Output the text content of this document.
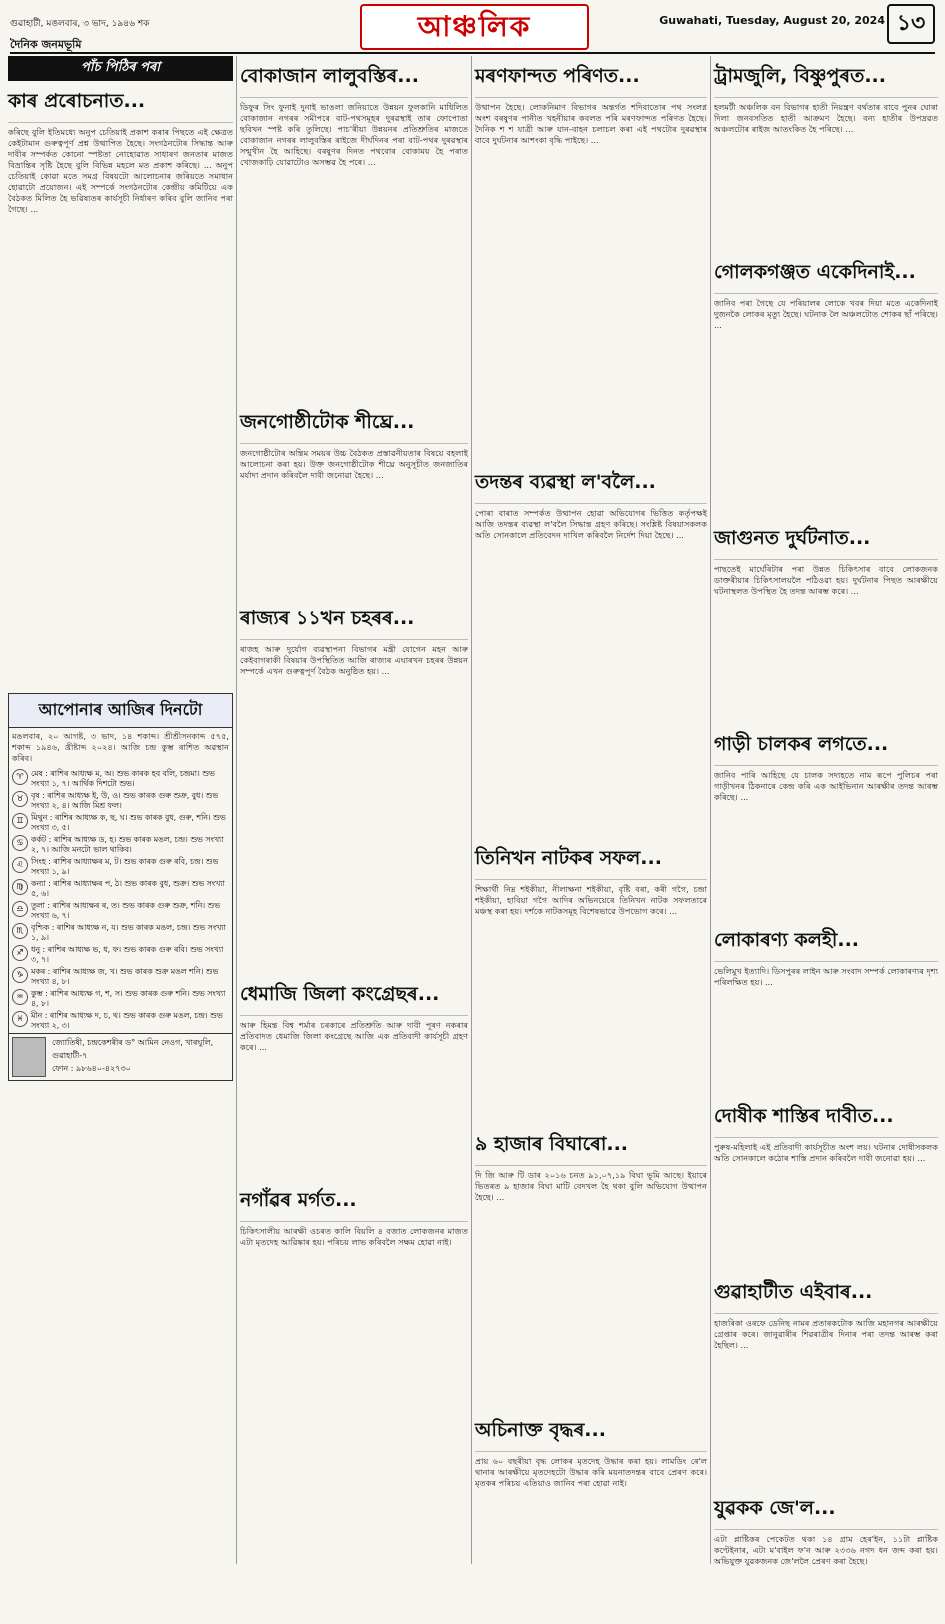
গুৱাহাটী, মঙলবাৰ, ৩ ভাদ, ১৯৪৬ শক
দৈনিক জনমভূমি
আঞ্চলিক	Guwahati, Tuesday, August 20, 2024 ১৩
পাঁচ পিঠিৰ পৰা
কাৰ প্ৰৰোচনাত...

কৰিছে বুলি ইতিমধ্যে অনুপ চেতিয়াই প্ৰকাশ কৰাৰ পিছতে এই ক্ষেত্ৰত কেইটামান গুৰুত্বপূৰ্ণ প্ৰশ্ন উত্থাপিত হৈছে। সংগঠনটোৰ সিদ্ধান্ত আৰু দাবীৰ সম্পৰ্কত কোনো স্পষ্টতা নোহোৱাত সাধাৰণ জনতাৰ মাজত বিভ্ৰান্তিৰ সৃষ্টি হৈছে বুলি বিভিন্ন মহলে মত প্ৰকাশ কৰিছে। ... অনুপ চেতিয়াই কোৱা মতে সমগ্ৰ বিষয়টো আলোচনাৰ জৰিয়তে সমাধান হোৱাটো প্ৰয়োজন। এই সম্পৰ্কে সংগঠনটোৰ কেন্দ্ৰীয় কমিটিয়ে এক বৈঠকত মিলিত হৈ ভৱিষ্যতৰ কাৰ্যসূচী নিৰ্ধাৰণ কৰিব বুলি জানিব পৰা গৈছে। ...

আপোনাৰ আজিৰ দিনটো

মঙলবাৰ, ২০ আগষ্ট, ৩ ভাদ, ১৪ শকাব্দ। শ্ৰীশ্ৰীসনকাব্দ ৫৭৫, শকাব্দ ১৯৪৬, খ্ৰীষ্টাব্দ ২০২৪। আজি চন্দ্ৰ কুম্ভ ৰাশিত অৱস্থান কৰিব।

♈ মেষ : ৰাশিৰ আধ্যক্ষ ম, অ। শুভ কাৰক হব বলি, চন্দ্ৰমা। শুভ সংখ্যা ১, ৭। আৰ্থিক দিশটো শুভ।
♉ বৃষ : ৰাশিৰ আধ্যক্ষ ই, উ, ও। শুভ কাৰক গুৰু শুক্ৰ, বুধ। শুভ সংখ্যা ২, ৪। আজি মিশ্ৰ ফল।
♊ মিথুন : ৰাশিৰ আধ্যক্ষ ক, ছ, ঘ। শুভ কাৰক বুধ, গুৰু, শনি। শুভ সংখ্যা ৩, ৫।
♋ কৰ্কট : ৰাশিৰ আধ্যক্ষ ড, হ। শুভ কাৰক মঙল, চন্দ্ৰ। শুভ সংখ্যা ২, ৭। আজি মনটো ভাল থাকিব।
♌ সিংহ : ৰাশিৰ আধ্যাক্ষৰ ম, ট। শুভ কাৰক গুৰু ৰবি, চন্দ্ৰ। শুভ সংখ্যা ১, ৯।
♍ কন্যা : ৰাশিৰ আধ্যাক্ষৰ প, ঠ। শুভ কাৰক বুধ, শুক্ৰ। শুভ সংখ্যা ৫, ৬।
♎ তুলা : ৰাশিৰ আধ্যক্ষৰ ৰ, ত। শুভ কাৰক গুৰু শুক্ৰ, শনি। শুভ সংখ্যা ৬, ৭।
♏ বৃশ্চিক : ৰাশিৰ আধ্যক্ষ ন, য। শুভ কাৰক মঙল, চন্দ্ৰ। শুভ সংখ্যা ১, ৯।
♐ ধনু : ৰাশিৰ আধ্যক্ষ ভ, ধ, ফ। শুভ কাৰক গুৰু ৰবি। শুভ সংখ্যা ৩, ৭।
♑ মকৰ : ৰাশিৰ আধ্যক্ষ জ, খ। শুভ কাৰক শুক্ৰ মঙল শনি। শুভ সংখ্যা ৪, ৮।
♒ কুম্ভ : ৰাশিৰ আধ্যক্ষ গ, শ, স। শুভ কাৰক গুৰু শনি। শুভ সংখ্যা ৪, ৮।
♓ মীন : ৰাশিৰ আধ্যক্ষ দ, চ, থ। শুভ কাৰক গুৰু মঙল, চন্দ্ৰ। শুভ সংখ্যা ২, ৩।
জ্যোতিষী, চন্দ্ৰকেশৰীৰ ড° আমিন নেওগ, খাৰঘুলি, গুৱাহাটী-৭
ফোন : ৯৮৬৪০-৪২৭৩০
বোকাজান লালুবস্তিৰ...

ডিফুৰ সিং ফুনাই দুনাই ভাঙলা জনিয়াতে উন্নয়ন ফুলকানি মাধিলিত বোকাজান নগৰৰ সমীপৰে বাট-পথসমূহৰ দুৰৱস্থাই তাৰ ফোপোতা ছবিখন স্পষ্ট কৰি তুলিছে। পাচ'ৰীয়া উন্নয়নৰ প্ৰতিশ্ৰুতিৰ মাজতে বোকাজান নগৰৰ লালুবস্তিৰ ৰাইজে দীৰ্ঘদিনৰ পৰা বাট-পথৰ দুৰৱস্থাৰ সন্মুখীন হৈ আহিছে। বৰষুণৰ দিনত পথবোৰ বোকাময় হৈ পৰাত খোজকাঢ়ি যোৱাটোও অসম্ভৱ হৈ পৰে। ...

জনগোষ্ঠীটোক শীঘ্ৰে...

জনগোষ্ঠীটোৰ অন্তিম সময়ৰ উচ্চ বৈঠকত প্ৰস্তাৱনীয়তাৰ বিষয়ে বহলাই আলোচনা কৰা হয়। উক্ত জনগোষ্ঠীটোক শীঘ্ৰে অনুসূচীত জনজাতিৰ মৰ্যাদা প্ৰদান কৰিবলৈ দাবী জনোৱা হৈছে। ...

ৰাজ্যৰ ১১খন চহৰৰ...

ৰাজহ আৰু দুৰ্যোগ ব্যৱস্থাপনা বিভাগৰ মন্ত্ৰী যোগেন মহন আৰু কেইবাগৰাকী বিষয়াৰ উপস্থিতিত আজি ৰাজ্যৰ এঘাৰখন চহৰৰ উন্নয়ন সম্পৰ্কে এখন গুৰুত্বপূৰ্ণ বৈঠক অনুষ্ঠিত হয়। ...

ধেমাজি জিলা কংগ্ৰেছৰ...

আৰু হিমন্ত বিশ্ব শৰ্মাৰ চৰকাৰে প্ৰতিশ্ৰুতি আৰু দাবী পূৰণ নকৰাৰ প্ৰতিবাদত ধেমাজি জিলা কংগ্ৰেছে আজি এক প্ৰতিবাদী কাৰ্যসূচী গ্ৰহণ কৰে। ...

নগাঁৱৰ মৰ্গত...

চিকিৎসালীয় আৰক্ষী ওচৰত কালি বিয়লি ৪ বজাত লোকজনৰ মাজত এটা মৃতদেহ আৱিষ্কাৰ হয়। পৰিচয় লাভ কৰিবলৈ সক্ষম হোৱা নাই।

মৰণফান্দত পৰিণত...

উত্থাপন হৈছে। লোকনিমাণ বিভাগৰ অন্তৰ্গত শদিবাতোৰ পথ সংলগ্ন অংশ বৰষুণৰ পানীত খহনীয়াৰ কবলত পৰি মৰণফান্দত পৰিণত হৈছে। দৈনিক শ শ যাত্ৰী আৰু যান-বাহন চলাচল কৰা এই পথটোৰ দুৰৱস্থাৰ বাবে দুৰ্ঘটনাৰ আশংকা বৃদ্ধি পাইছে। ...

তদন্তৰ ব্যৱস্থা ল'বলৈ...

পোৰা বাৰাত সম্পৰ্কত উত্থাপন হোৱা অভিযোগৰ ভিত্তিত কৰ্তৃপক্ষই আজি তদন্তৰ ব্যৱস্থা ল'বলৈ সিদ্ধান্ত গ্ৰহণ কৰিছে। সংশ্লিষ্ট বিষয়াসকলক অতি সোনকালে প্ৰতিবেদন দাখিল কৰিবলৈ নিৰ্দেশ দিয়া হৈছে। ...

তিনিখন নাটকৰ সফল...

শিক্ষাৰ্থী নিম্ন শইকীয়া, নীলাক্ষনা শইকীয়া, বৃষ্টি বৰা, কৰী গগৈ, চন্দ্ৰা শইকীয়া, হাবিয়া গগৈ আদিৰ অভিনয়েৰে তিনিখন নাটক সফলতাৰে মঞ্চস্থ কৰা হয়। দৰ্শকে নাটকসমূহ বিশেষভাৱে উপভোগ কৰে। ...

৯ হাজাৰ বিঘাৰো...

দি জি আৰু টি ডাৰ ২০১৬ চনত ৯১,০৭,১৯ বিঘা ভূমি আছে। ইয়াৰে ভিতৰত ৯ হাজাৰ বিঘা মাটি বেদখল হৈ থকা বুলি অভিযোগ উত্থাপন হৈছে। ...

অচিনাক্ত বৃদ্ধৰ...

প্ৰায় ৬০ বছৰীয়া বৃদ্ধ লোকৰ মৃতদেহ উদ্ধাৰ কৰা হয়। লামডিং ৰে'ল থানাৰ আৰক্ষীয়ে মৃতদেহটো উদ্ধাৰ কৰি ময়নাতদন্তৰ বাবে প্ৰেৰণ কৰে। মৃতকৰ পৰিচয় এতিয়াও জানিব পৰা হোৱা নাই।

ট্ৰামজুলি, বিষ্ণুপুৰত...

হলমটী অঞ্চলিক বন বিভাগৰ হাতী নিয়ন্ত্ৰণ বৰ্থতাৰ বাবে পুনৰ ঘোৰা দিলা জনবসতিত হাতী আক্ৰমণ হৈছে। বন্য হাতীৰ উপদ্ৰৱত অঞ্চলটোৰ ৰাইজ আতংকিত হৈ পৰিছে। ...

গোলকগঞ্জত একেদিনাই...

জানিব পৰা গৈছে যে পৰিয়ালৰ লোকে খবৰ দিয়া মতে একেদিনাই দুজনকৈ লোকৰ মৃত্যু হৈছে। ঘটনাক লৈ অঞ্চলটোত শোকৰ ছাঁ পৰিছে। ...

জাগুনত দুৰ্ঘটনাত...

পাছতেই মাৰ্ঘেৰিটাৰ পৰা উন্নত চিকিৎসাৰ বাবে লোকজনক ডাক্তৰীয়াৰ চিকিৎসালয়লৈ পঠিওৱা হয়। দুৰ্ঘটনাৰ পিছত আৰক্ষীয়ে ঘটনাস্থলত উপস্থিত হৈ তদন্ত আৰম্ভ কৰে। ...

গাড়ী চালকৰ লগতে...

জানিব পাৰি আহিছে যে চালক সদ্যহতে নাম ৰূপে পুলিচৰ পৰা গাড়ীখনৰ ঠিকনাৰে কেন্দ্ৰ কৰি এক আইভিনান আৰক্ষীৰ তদন্ত আৰম্ভ কৰিছে। ...

লোকাৰণ্য কলহী...

ভেলিমুখ ইত্যাদি। ডিসপুৰৰ লাইন আৰু সংবাদ সম্পৰ্ক লোকাৰণ্যৰ দৃশ্য পৰিলক্ষিত হয়। ...

দোষীক শাস্তিৰ দাবীত...

পুৰুষ-মহিলাই এই প্ৰতিবাদী কাৰ্যসূচীত অংশ লয়। ঘটনাৰ দোষীসকলক অতি সোনকালে কঠোৰ শাস্তি প্ৰদান কৰিবলৈ দাবী জনোৱা হয়। ...

গুৱাহাটীত এইবাৰ...

হাজৰিকা ওৰফে ডেনিছ নামৰ প্ৰতাৰকটোক আজি মহানগৰ আৰক্ষীয়ে গ্ৰেপ্তাৰ কৰে। জানুৱাৰীৰ শিৱৰাত্ৰীৰ দিনাৰ পৰা তদন্ত আৰম্ভ কৰা হৈছিল। ...

যুৱকক জে'ল...

এটা প্লাষ্টিকৰ পেকেটত থকা ১৪ গ্ৰাম হেৰ'ইন, ১১টা প্লাষ্টিক কণ্টেইনাৰ, এটা ম'বাইল ফ'ন আৰু ২৩৩৬ নগদ ধন জব্দ কৰা হয়। অভিযুক্ত যুৱকজনক জে'ললৈ প্ৰেৰণ কৰা হৈছে।
